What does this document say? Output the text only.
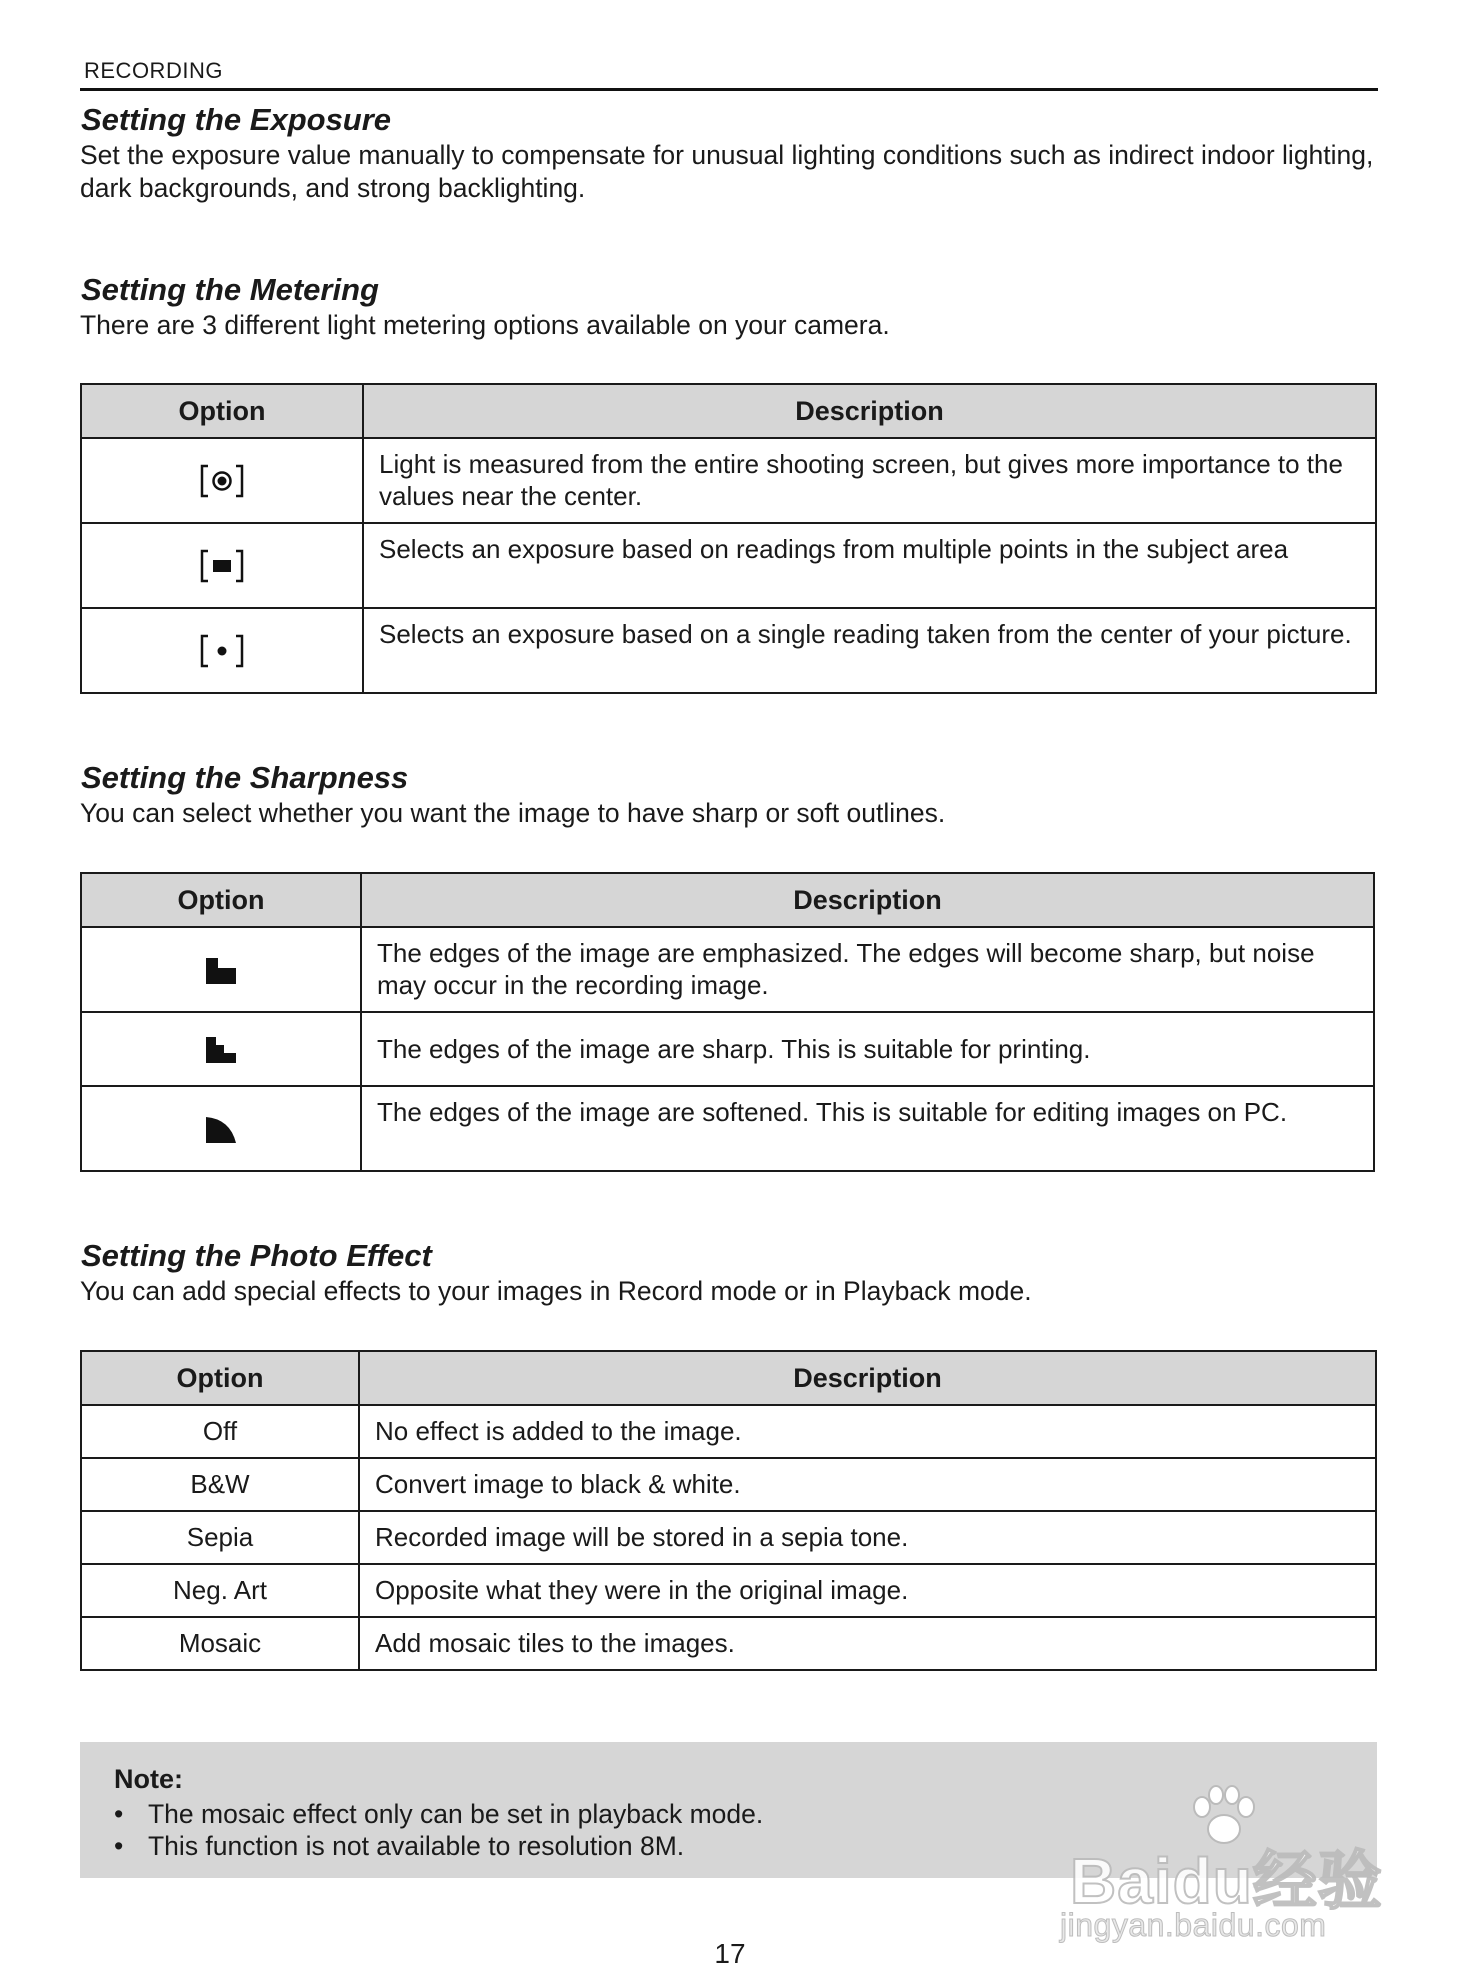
RECORDING
Setting the Exposure

Set the exposure value manually to compensate for unusual lighting conditions such as indirect indoor lighting, dark backgrounds, and strong backlighting.

Setting the Metering

There are 3 different light metering options available on your camera.

Option	Description
	Light is measured from the entire shooting screen, but gives more importance to the values near the center.
	Selects an exposure based on readings from multiple points in the subject area
	Selects an exposure based on a single reading taken from the center of your picture.
Setting the Sharpness

You can select whether you want the image to have sharp or soft outlines.

Option	Description
	The edges of the image are emphasized. The edges will become sharp, but noise may occur in the recording image.
	The edges of the image are sharp. This is suitable for printing.
	The edges of the image are softened. This is suitable for editing images on PC.
Setting the Photo Effect

You can add special effects to your images in Record mode or in Playback mode.

Option	Description
Off	No effect is added to the image.
B&W	Convert image to black & white.
Sepia	Recorded image will be stored in a sepia tone.
Neg. Art	Opposite what they were in the original image.
Mosaic	Add mosaic tiles to the images.
Note:
• The mosaic effect only can be set in playback mode.
• This function is not available to resolution 8M.	Baidu经验
jingyan.baidu.com
17
